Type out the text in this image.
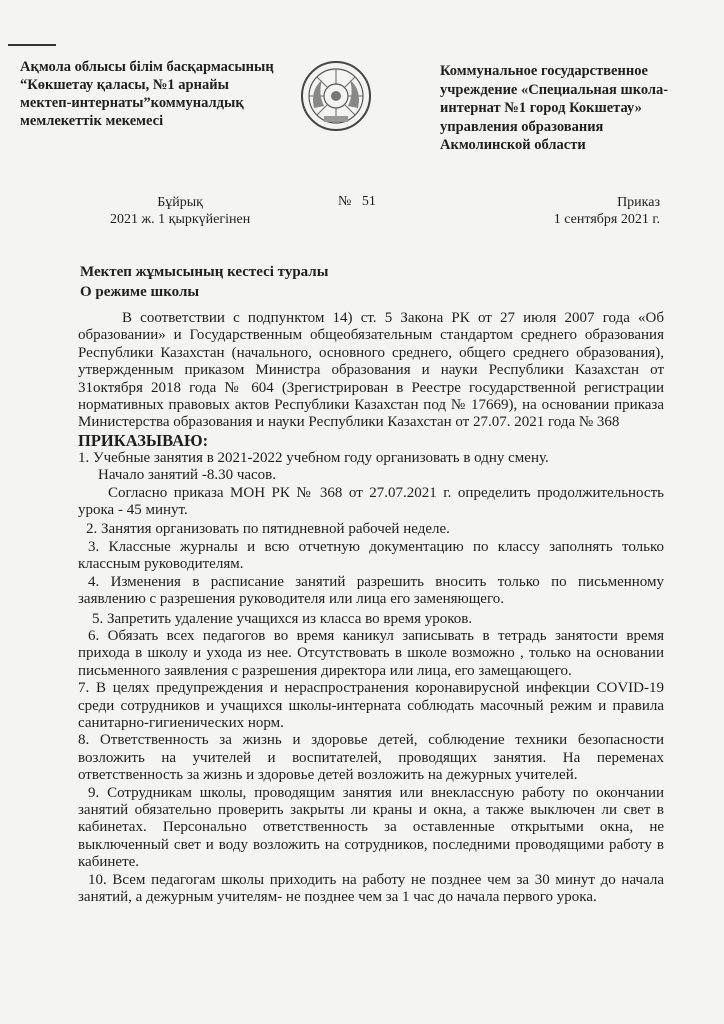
Ақмола облысы білім басқармасының
“Көкшетау қаласы, №1 арнайы
мектеп-интернаты”коммуналдық
мемлекеттік мекемесі
Коммунальное государственное
учреждение «Специальная школа-
интернат №1 город Кокшетау»
управления образования
Акмолинской области
Бұйрық
2021 ж. 1 қыркүйегінен
№   51	Приказ
1 сентября 2021 г.
Мектеп жұмысының кестесі туралы
О режиме школы

В соответствии с подпунктом 14) ст. 5 Закона РК от 27 июля 2007 года «Об образовании» и Государственным общеобязательным стандартом среднего образования Республики Казахстан (начального, основного среднего, общего среднего образования), утвержденным приказом Министра образования и науки Республики Казахстан от 31октября 2018 года № 604 (Зрегистрирован в Реестре государственной регистрации нормативных правовых актов Республики Казахстан под № 17669), на основании приказа Министерства образования и науки Республики Казахстан от 27.07. 2021 года № 368

ПРИКАЗЫВАЮ:

1. Учебные занятия в 2021-2022 учебном году организовать в одну смену.

Начало занятий -8.30 часов.

Согласно приказа МОН РК № 368 от 27.07.2021 г. определить продолжительность урока - 45 минут.

2. Занятия организовать по пятидневной рабочей неделе.

3. Классные журналы и всю отчетную документацию по классу заполнять только классным руководителям.

4. Изменения в расписание занятий разрешить вносить только по письменному заявлению с разрешения руководителя или лица его заменяющего.

5. Запретить удаление учащихся из класса во время уроков.

6. Обязать всех педагогов во время каникул записывать в тетрадь занятости время прихода в школу и ухода из нее. Отсутствовать в школе возможно , только на основании письменного заявления с разрешения директора или лица, его замещающего.

7. В целях предупреждения и нераспространения коронавирусной инфекции COVID-19 среди сотрудников и учащихся школы-интерната соблюдать масочный режим и правила санитарно-гигиенических норм.

8. Ответственность за жизнь и здоровье детей, соблюдение техники безопасности возложить на учителей и воспитателей, проводящих занятия. На переменах ответственность за жизнь и здоровье детей возложить на дежурных учителей.

9. Сотрудникам школы, проводящим занятия или внеклассную работу по окончании занятий обязательно проверить закрыты ли краны и окна, а также выключен ли свет в кабинетах. Персонально ответственность за оставленные открытыми окна, не выключенный свет и воду возложить на сотрудников, последними проводящими работу в кабинете.

10. Всем педагогам школы приходить на работу не позднее чем за 30 минут до начала занятий, а дежурным учителям- не позднее чем за 1 час до начала первого урока.
